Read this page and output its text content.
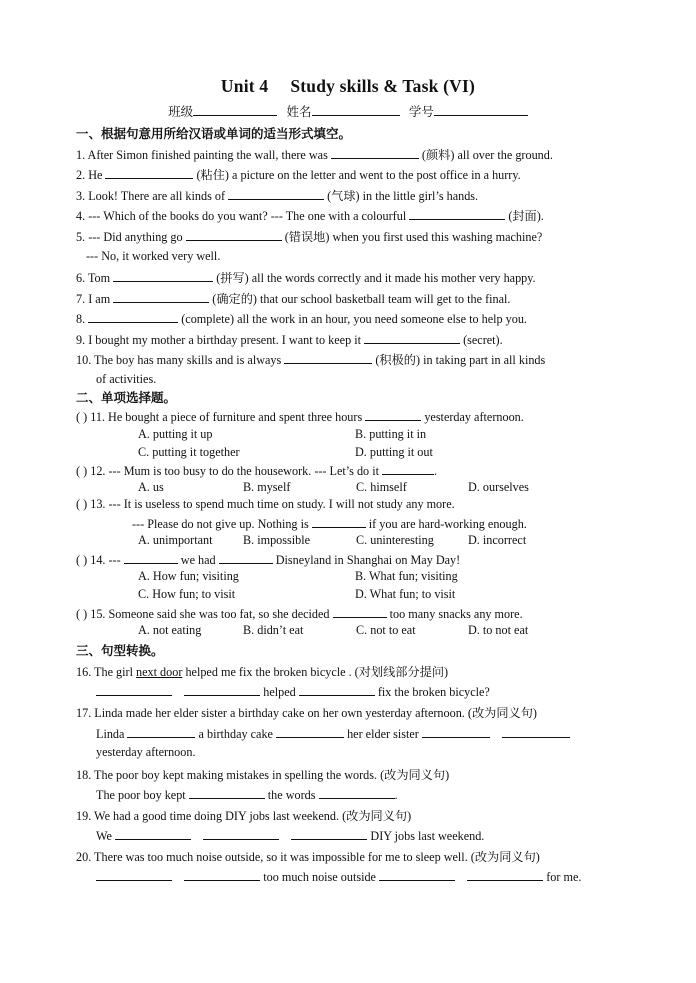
Unit 4 Study skills & Task (VI)
班级	姓名	学号
一、根据句意用所给汉语或单词的适当形式填空。
1. After Simon finished painting the wall, there was	(颜料) all over the ground.
2. He	(粘住) a picture on the letter and went to the post office in a hurry.
3. Look! There are all kinds of	(气球) in the little girl’s hands.
4. --- Which of the books do you want? --- The one with a colourful	(封面).
5. --- Did anything go	(错误地) when you first used this washing machine?
--- No, it worked very well.
6. Tom	(拼写) all the words correctly and it made his mother very happy.
7. I am	(确定的) that our school basketball team will get to the final.
8.	(complete) all the work in an hour, you need someone else to help you.
9. I bought my mother a birthday present. I want to keep it	(secret).
10. The boy has many skills and is always	(积极的) in taking part in all kinds
of activities.
二、单项选择题。
( ) 11. He bought a piece of furniture and spent three hours	yesterday afternoon.
A. putting it up	B. putting it in
C. putting it together	D. putting it out
( ) 12. --- Mum is too busy to do the housework. --- Let’s do it	.
A. us	B. myself	C. himself	D. ourselves
( ) 13. --- It is useless to spend much time on study. I will not study any more.
--- Please do not give up. Nothing is	if you are hard-working enough.
A. unimportant	B. impossible	C. uninteresting	D. incorrect
( ) 14. ---	we had	Disneyland in Shanghai on May Day!
A. How fun; visiting	B. What fun; visiting
C. How fun; to visit	D. What fun; to visit
( ) 15. Someone said she was too fat, so she decided	too many snacks any more.
A. not eating	B. didn’t eat	C. not to eat	D. to not eat
三、句型转换。
16. The girl next door helped me fix the broken bicycle . (对划线部分提问)
helped	fix the broken bicycle?
17. Linda made her elder sister a birthday cake on her own yesterday afternoon. (改为同义句)
Linda	a birthday cake	her elder sister
yesterday afternoon.
18. The poor boy kept making mistakes in spelling the words. (改为同义句)
The poor boy kept	the words	.
19. We had a good time doing DIY jobs last weekend. (改为同义句)
We	DIY jobs last weekend.
20. There was too much noise outside, so it was impossible for me to sleep well. (改为同义句)
too much noise outside	for me.
